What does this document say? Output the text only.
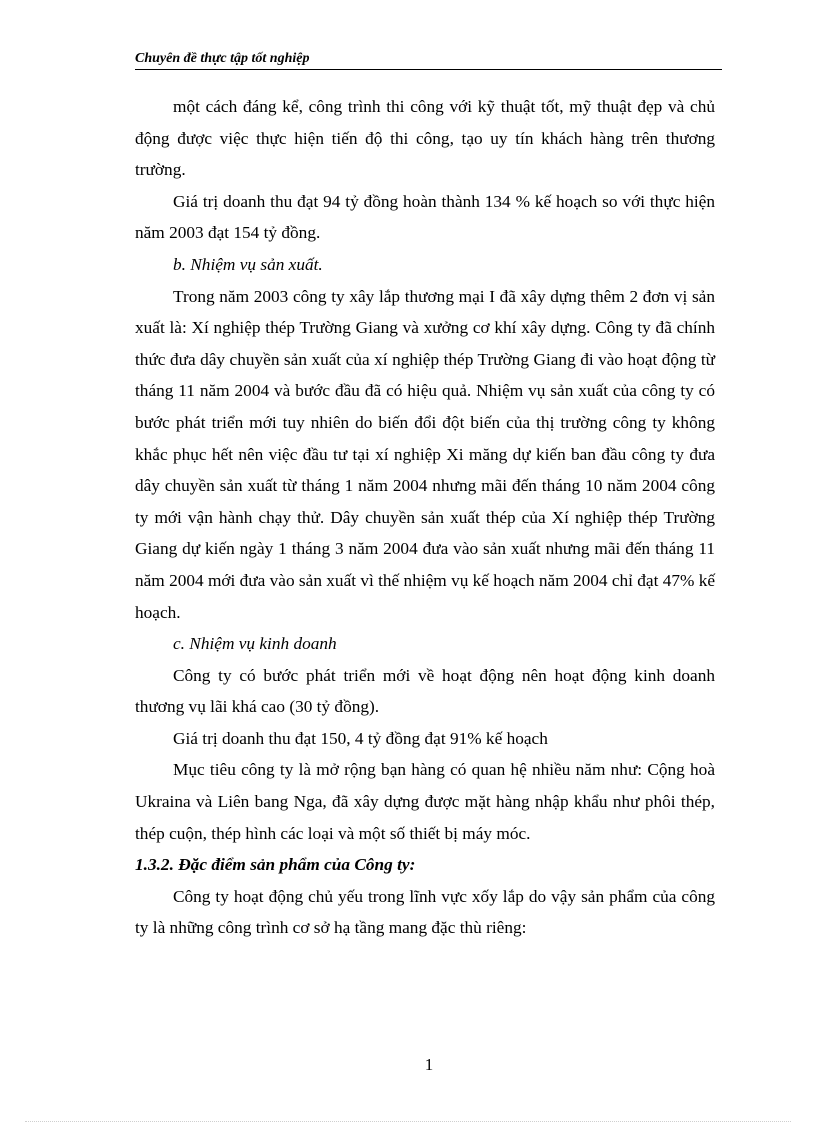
Chuyên đề thực tập tốt nghiệp

một cách đáng kể, công trình thi công với kỹ thuật tốt, mỹ thuật đẹp và chủ động được việc thực hiện tiến độ thi công, tạo uy tín khách hàng trên thương trường.

Giá trị doanh thu đạt 94 tỷ đồng hoàn thành 134 % kế hoạch so với thực hiện năm 2003 đạt 154 tỷ đồng.

b. Nhiệm vụ sản xuất.

Trong năm 2003 công ty xây lắp thương mại I đã xây dựng thêm 2 đơn vị sản xuất là: Xí nghiệp thép Trường Giang và xưởng cơ khí xây dựng. Công ty đã chính thức đưa dây chuyền sản xuất của xí nghiệp thép Trường Giang đi vào hoạt động từ tháng 11 năm 2004 và bước đầu đã có hiệu quả. Nhiệm vụ sản xuất của công ty có bước phát triển mới tuy nhiên do biến đổi đột biến của thị trường công ty không khắc phục hết nên việc đầu tư tại xí nghiệp Xi măng dự kiến ban đầu công ty đưa dây chuyền sản xuất từ tháng 1 năm 2004 nhưng mãi đến tháng 10 năm 2004 công ty mới vận hành chạy thử. Dây chuyền sản xuất thép của Xí nghiệp thép Trường Giang dự kiến ngày 1 tháng 3 năm 2004 đưa vào sản xuất nhưng mãi đến tháng 11 năm 2004 mới đưa vào sản xuất vì thế nhiệm vụ kế hoạch năm 2004 chỉ đạt 47% kế hoạch.

c. Nhiệm vụ kinh doanh

Công ty có bước phát triển mới về hoạt động nên hoạt động kinh doanh thương vụ lãi khá cao (30 tỷ đồng).

Giá trị doanh thu đạt 150, 4 tỷ đồng đạt 91% kế hoạch

Mục tiêu công ty là mở rộng bạn hàng có quan hệ nhiều năm như: Cộng hoà Ukraina và Liên bang Nga, đã xây dựng được mặt hàng nhập khẩu như phôi thép, thép cuộn, thép hình các loại và một số thiết bị máy móc.

1.3.2. Đặc điểm sản phẩm của Công ty:

Công ty hoạt động chủ yếu trong lĩnh vực xốy lắp do vậy sản phẩm của công ty là những công trình cơ sở hạ tầng mang đặc thù riêng:

1
